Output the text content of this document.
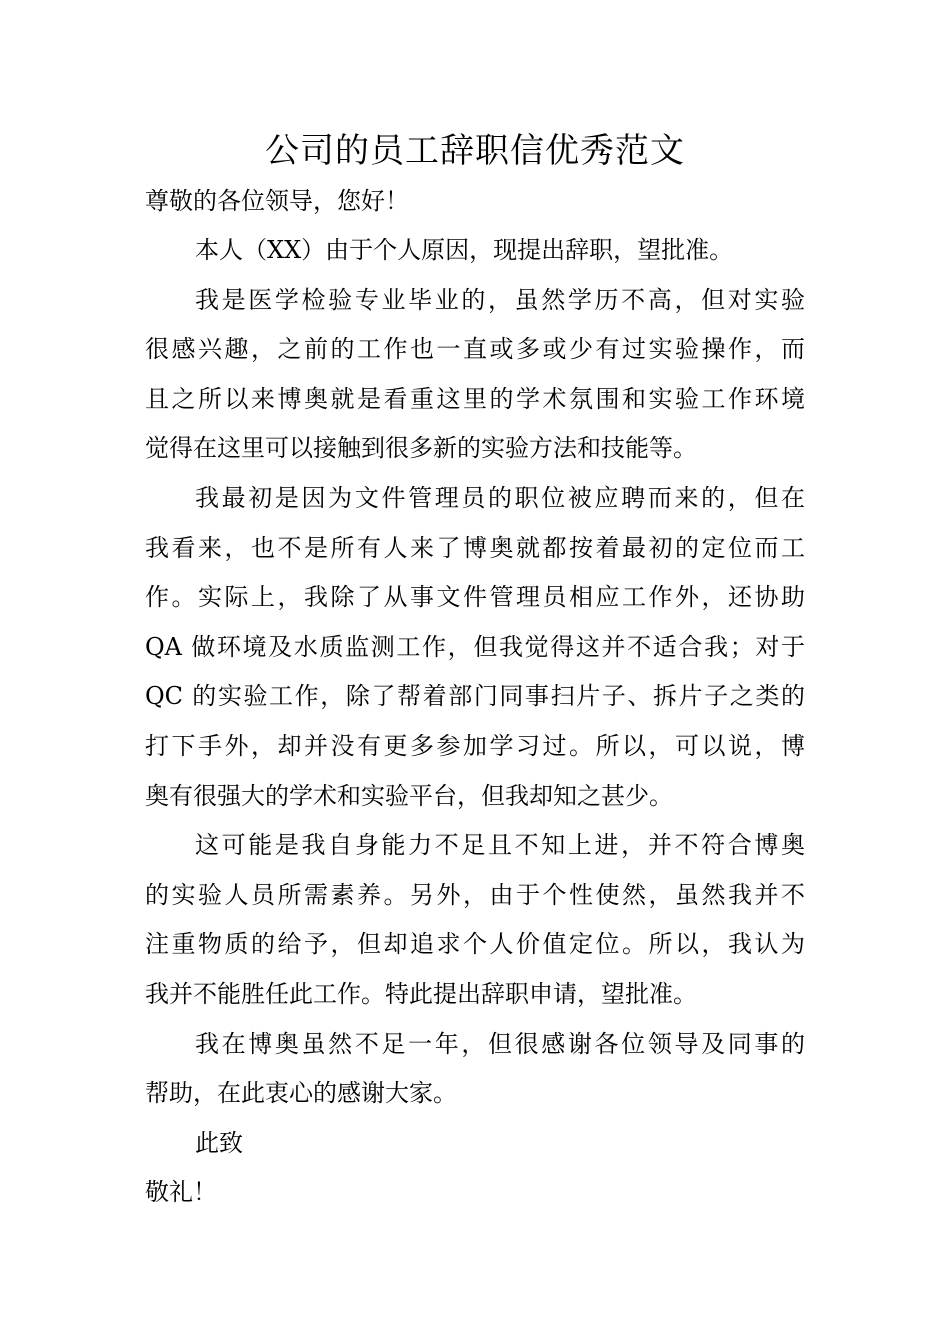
公司的员工辞职信优秀范文

尊敬的各位领导，您好！

本人（XX）由于个人原因，现提出辞职，望批准。

我是医学检验专业毕业的，虽然学历不高，但对实验

很感兴趣，之前的工作也一直或多或少有过实验操作，而

且之所以来博奥就是看重这里的学术氛围和实验工作环境

觉得在这里可以接触到很多新的实验方法和技能等。

我最初是因为文件管理员的职位被应聘而来的，但在

我看来，也不是所有人来了博奥就都按着最初的定位而工

作。实际上，我除了从事文件管理员相应工作外，还协助

QA 做环境及水质监测工作，但我觉得这并不适合我；对于

QC 的实验工作，除了帮着部门同事扫片子、拆片子之类的

打下手外，却并没有更多参加学习过。所以，可以说，博

奥有很强大的学术和实验平台，但我却知之甚少。

这可能是我自身能力不足且不知上进，并不符合博奥

的实验人员所需素养。另外，由于个性使然，虽然我并不

注重物质的给予，但却追求个人价值定位。所以，我认为

我并不能胜任此工作。特此提出辞职申请，望批准。

我在博奥虽然不足一年，但很感谢各位领导及同事的

帮助，在此衷心的感谢大家。

此致

敬礼！
